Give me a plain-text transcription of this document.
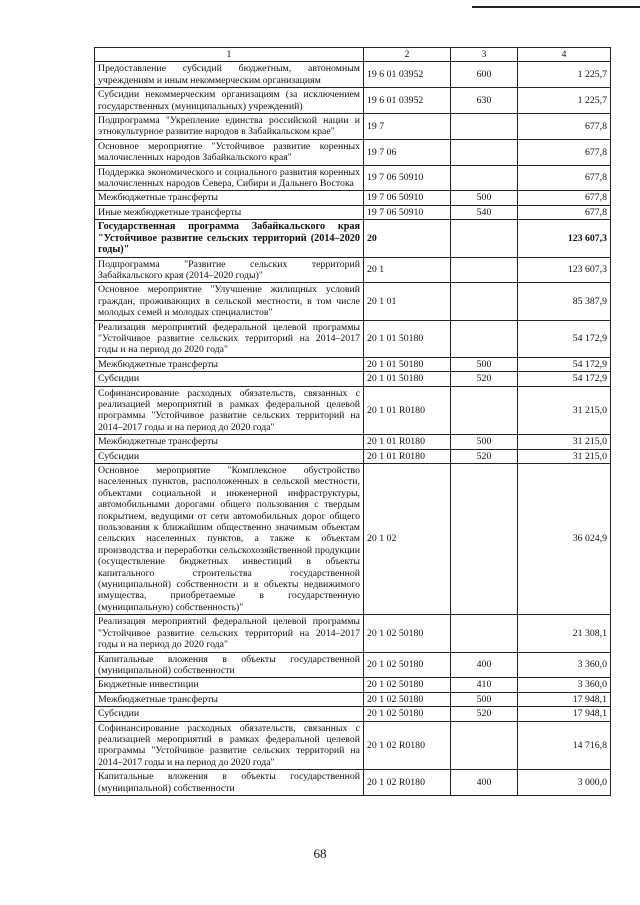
1	2	3	4
Предоставление субсидий бюджетным, автономным учреждениям и иным некоммерческим организациям	19 6 01 03952	600	1 225,7
Субсидии некоммерческим организациям (за исключением государственных (муниципальных) учреждений)	19 6 01 03952	630	1 225,7
Подпрограмма "Укрепление единства российской нации и этнокультурное развитие народов в Забайкальском крае"	19 7		677,8
Основное мероприятие "Устойчивое развитие коренных малочисленных народов Забайкальского края"	19 7 06		677,8
Поддержка экономического и социального развития коренных малочисленных народов Севера, Сибири и Дальнего Востока	19 7 06 50910		677,8
Межбюджетные трансферты	19 7 06 50910	500	677,8
Иные межбюджетные трансферты	19 7 06 50910	540	677,8
Государственная программа Забайкальского края "Устойчивое развитие сельских территорий (2014–2020 годы)"	20		123 607,3
Подпрограмма "Развитие сельских территорий Забайкальского края (2014–2020 годы)"	20 1		123 607,3
Основное мероприятие "Улучшение жилищных условий граждан, проживающих в сельской местности, в том числе молодых семей и молодых специалистов"	20 1 01		85 387,9
Реализация мероприятий федеральной целевой программы "Устойчивое развитие сельских территорий на 2014–2017 годы и на период до 2020 года"	20 1 01 50180		54 172,9
Межбюджетные трансферты	20 1 01 50180	500	54 172,9
Субсидии	20 1 01 50180	520	54 172,9
Софинансирование расходных обязательств, связанных с реализацией мероприятий в рамках федеральной целевой программы "Устойчивое развитие сельских территорий на 2014–2017 годы и на период до 2020 года"	20 1 01 R0180		31 215,0
Межбюджетные трансферты	20 1 01 R0180	500	31 215,0
Субсидии	20 1 01 R0180	520	31 215,0
Основное мероприятие "Комплексное обустройство населенных пунктов, расположенных в сельской местности, объектами социальной и инженерной инфраструктуры, автомобильными дорогами общего пользования с твердым покрытием, ведущими от сети автомобильных дорог общего пользования к ближайшим общественно значимым объектам сельских населенных пунктов, а также к объектам производства и переработки сельскохозяйственной продукции (осуществление бюджетных инвестиций в объекты капитального строительства государственной (муниципальной) собственности и в объекты недвижимого имущества, приобретаемые в государственную (муниципальную) собственность)"	20 1 02		36 024,9
Реализация мероприятий федеральной целевой программы "Устойчивое развитие сельских территорий на 2014–2017 годы и на период до 2020 года"	20 1 02 50180		21 308,1
Капитальные вложения в объекты государственной (муниципальной) собственности	20 1 02 50180	400	3 360,0
Бюджетные инвестиции	20 1 02 50180	410	3 360,0
Межбюджетные трансферты	20 1 02 50180	500	17 948,1
Субсидии	20 1 02 50180	520	17 948,1
Софинансирование расходных обязательств, связанных с реализацией мероприятий в рамках федеральной целевой программы "Устойчивое развитие сельских территорий на 2014–2017 годы и на период до 2020 года"	20 1 02 R0180		14 716,8
Капитальные вложения в объекты государственной (муниципальной) собственности	20 1 02 R0180	400	3 000,0
68
